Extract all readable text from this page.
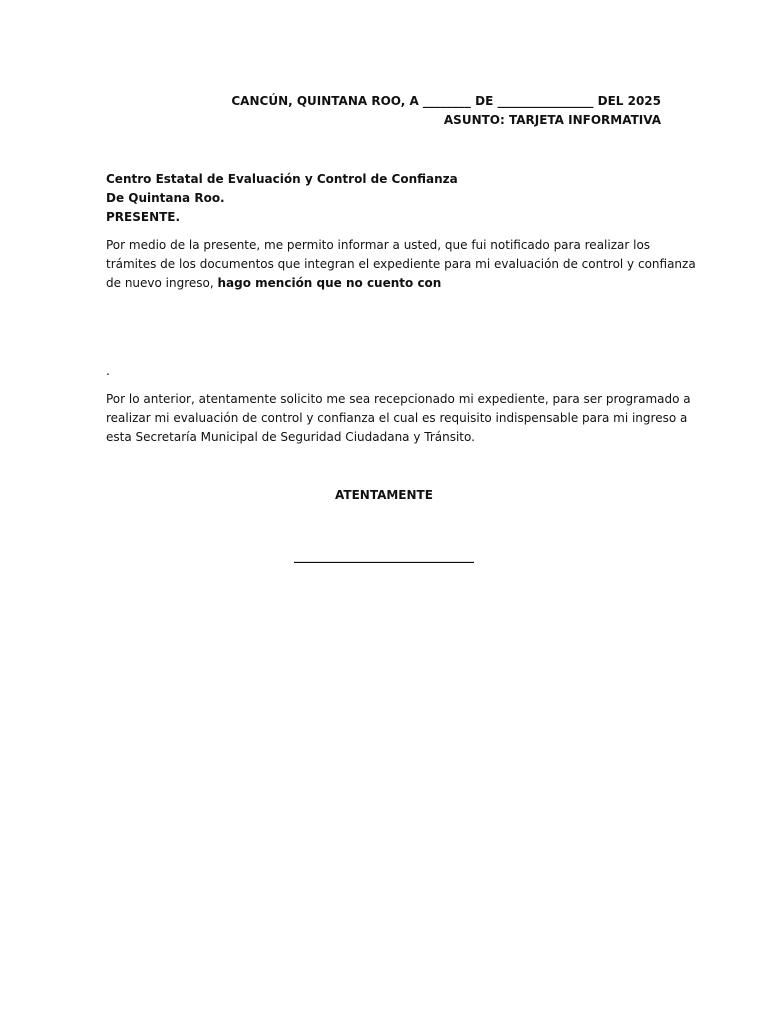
CANCÚN, QUINTANA ROO, A ________ DE ________________ DEL 2025
ASUNTO: TARJETA INFORMATIVA
Centro Estatal de Evaluación y Control de Confianza
De Quintana Roo.
PRESENTE.
Por medio de la presente, me permito informar a usted, que fui notificado para realizar los
trámites de los documentos que integran el expediente para mi evaluación de control y confianza
de nuevo ingreso, hago mención que no cuento con
.
Por lo anterior, atentamente solicito me sea recepcionado mi expediente, para ser programado a
realizar mi evaluación de control y confianza el cual es requisito indispensable para mi ingreso a
esta Secretaría Municipal de Seguridad Ciudadana y Tránsito.
ATENTAMENTE
______________________________
